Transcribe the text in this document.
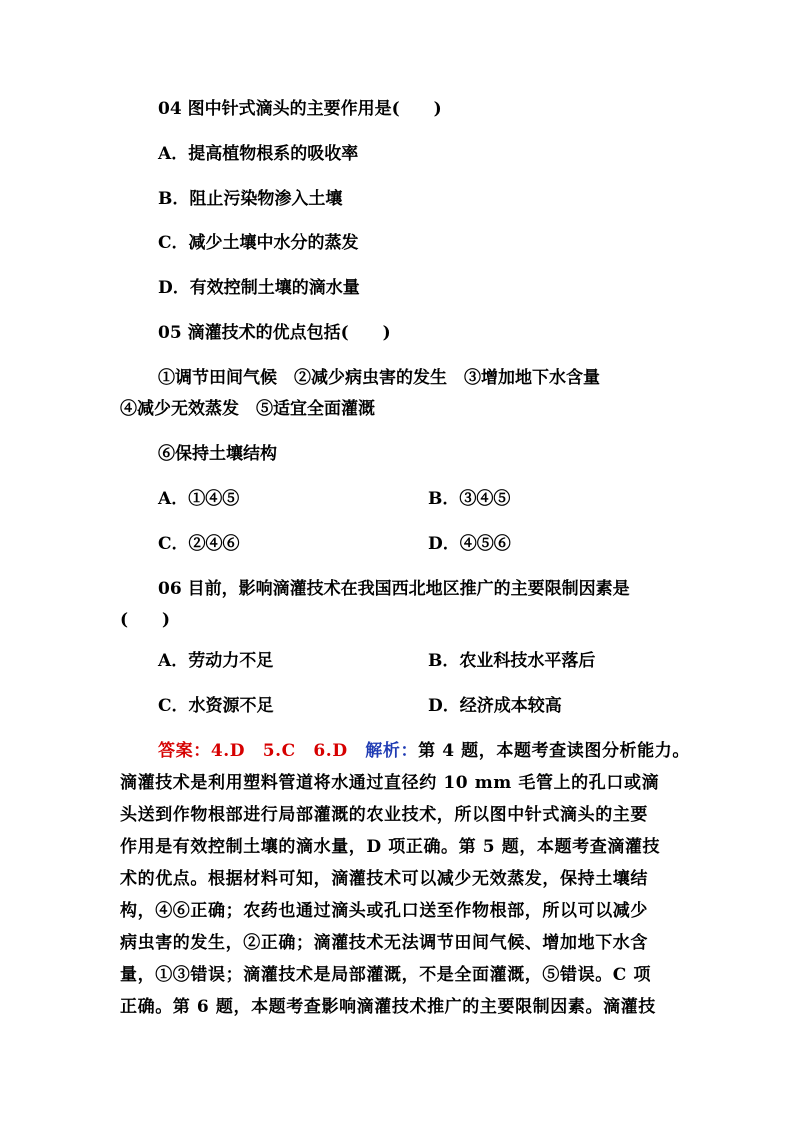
04 图中针式滴头的主要作用是(　　)
A．提高植物根系的吸收率
B．阻止污染物渗入土壤
C．减少土壤中水分的蒸发
D．有效控制土壤的滴水量
05 滴灌技术的优点包括(　　)
①调节田间气候　②减少病虫害的发生　③增加地下水含量
④减少无效蒸发　⑤适宜全面灌溉
⑥保持土壤结构
A．①④⑤	B．③④⑤
C．②④⑥	D．④⑤⑥
06 目前，影响滴灌技术在我国西北地区推广的主要限制因素是
(　　)
A．劳动力不足	B．农业科技水平落后
C．水资源不足	D．经济成本较高
答案：4.D　5.C　6.D　 解析：第 4 题，本题考查读图分析能力。
滴灌技术是利用塑料管道将水通过直径约 10 mm 毛管上的孔口或滴
头送到作物根部进行局部灌溉的农业技术，所以图中针式滴头的主要
作用是有效控制土壤的滴水量，D 项正确。第 5 题，本题考查滴灌技
术的优点。根据材料可知，滴灌技术可以减少无效蒸发，保持土壤结
构，④⑥正确；农药也通过滴头或孔口送至作物根部，所以可以减少
病虫害的发生，②正确；滴灌技术无法调节田间气候、增加地下水含
量，①③错误；滴灌技术是局部灌溉，不是全面灌溉，⑤错误。C 项
正确。第 6 题，本题考查影响滴灌技术推广的主要限制因素。滴灌技
